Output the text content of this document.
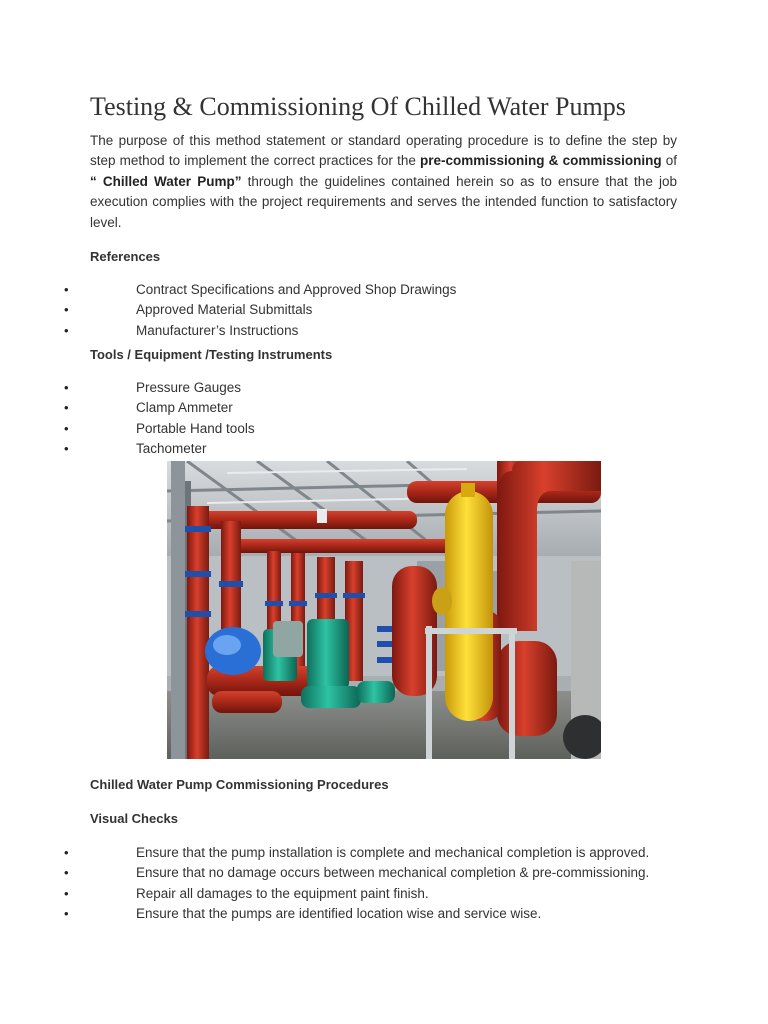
Testing & Commissioning Of Chilled Water Pumps

The purpose of this method statement or standard operating procedure is to define the step by step method to implement the correct practices for the pre-commissioning & commissioning of “ Chilled Water Pump” through the guidelines contained herein so as to ensure that the job execution complies with the project requirements and serves the intended function to satisfactory level.

References
•	Contract Specifications and Approved Shop Drawings
•	Approved Material Submittals
•	Manufacturer’s Instructions
Tools / Equipment /Testing Instruments
•	Pressure Gauges
•	Clamp Ammeter
•	Portable Hand tools
•	Tachometer
Chilled Water Pump Commissioning Procedures
Visual Checks
•	Ensure that the pump installation is complete and mechanical completion is approved.
•	Ensure that no damage occurs between mechanical completion & pre-commissioning.
•	Repair all damages to the equipment paint finish.
•	Ensure that the pumps are identified location wise and service wise.
